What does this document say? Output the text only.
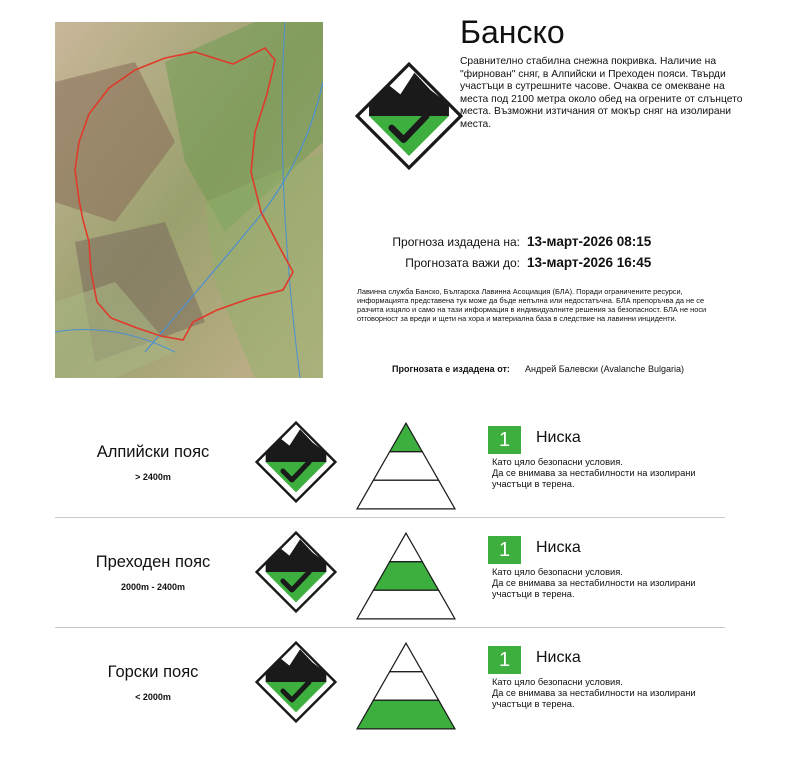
Банско
Сравнително стабилна снежна покривка. Наличие на "фирнован" сняг, в Алпийски и Преходен пояси. Твърди участъци в сутрешните часове. Очаква се омекване на места под 2100 метра около обед на огрените от слънцето места. Възможни изтичания от мокър сняг на изолирани места.
Прогноза издадена на: 13-март-2026 08:15
Прогнозата важи до: 13-март-2026 16:45
Лавинна служба Банско, Българска Лавинна Асоциация (БЛА). Поради ограничените ресурси, информацията представена тук може да бъде непълна или недостатъчна. БЛА препоръчва да не се разчита изцяло и само на тази информация в индивидуалните решения за безопасност. БЛА не носи отговорност за вреди и щети на хора и материална база в следствие на лавинни инциденти.
Прогнозата е издадена от: Андрей Балевски (Avalanche Bulgaria)
Алпийски пояс
> 2400m
1	Ниска
Като цяло безопасни условия.
Да се внимава за нестабилности на изолирани участъци в терена.
Преходен пояс
2000m - 2400m
1	Ниска
Като цяло безопасни условия.
Да се внимава за нестабилности на изолирани участъци в терена.
Горски пояс
< 2000m
1	Ниска
Като цяло безопасни условия.
Да се внимава за нестабилности на изолирани участъци в терена.
